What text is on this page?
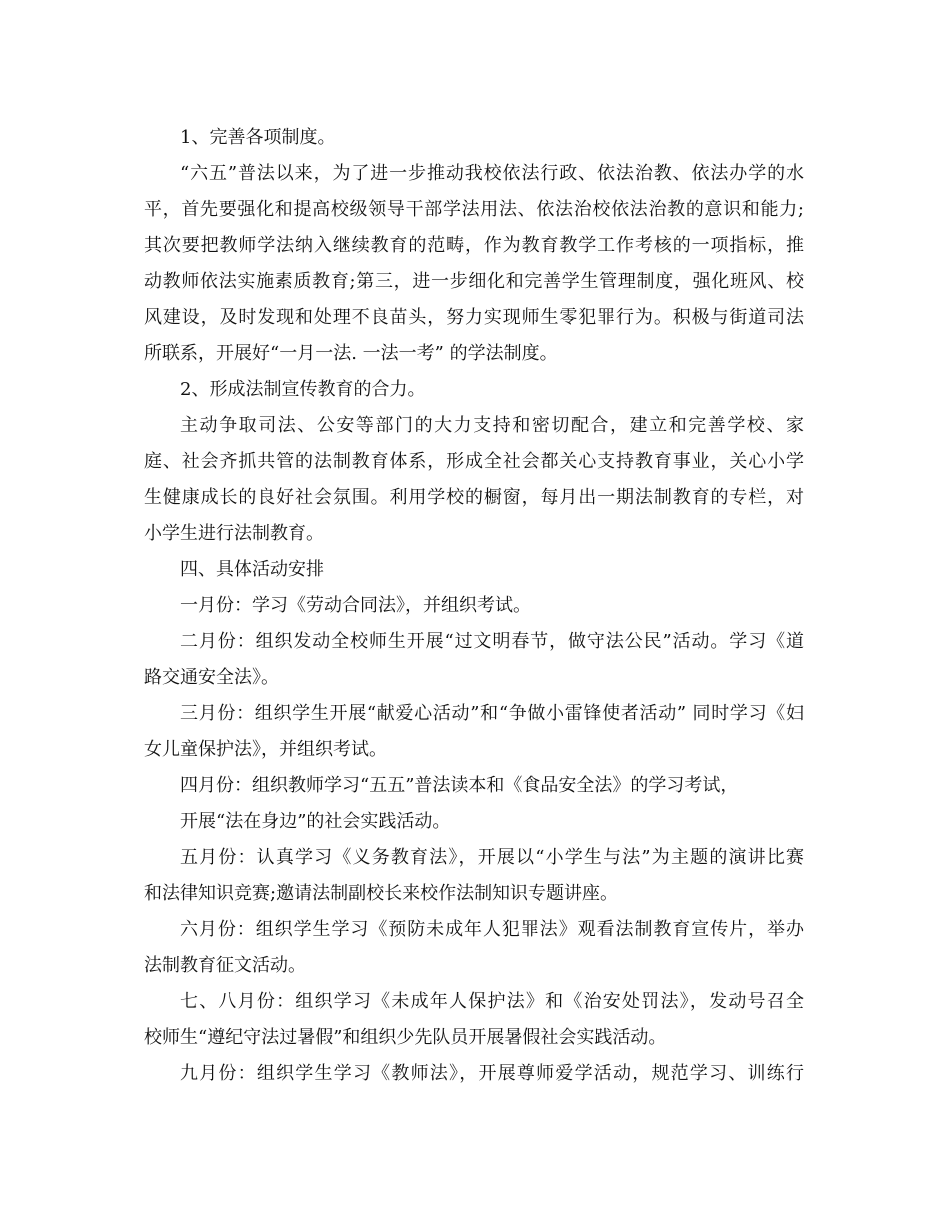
1、完善各项制度。
“六五”普法以来，为了进一步推动我校依法行政、依法治教、依法办学的水
平，首先要强化和提高校级领导干部学法用法、依法治校依法治教的意识和能力;
其次要把教师学法纳入继续教育的范畴，作为教育教学工作考核的一项指标，推
动教师依法实施素质教育;第三，进一步细化和完善学生管理制度，强化班风、校
风建设，及时发现和处理不良苗头，努力实现师生零犯罪行为。积极与街道司法
所联系，开展好“一月一法. 一法一考” 的学法制度。
2、形成法制宣传教育的合力。
主动争取司法、公安等部门的大力支持和密切配合，建立和完善学校、家
庭、社会齐抓共管的法制教育体系，形成全社会都关心支持教育事业，关心小学
生健康成长的良好社会氛围。利用学校的橱窗，每月出一期法制教育的专栏，对
小学生进行法制教育。
四、具体活动安排
一月份：学习《劳动合同法》，并组织考试。
二月份：组织发动全校师生开展“过文明春节，做守法公民”活动。学习《道
路交通安全法》。
三月份：组织学生开展“献爱心活动”和“争做小雷锋使者活动” 同时学习《妇
女儿童保护法》，并组织考试。
四月份：组织教师学习“五五”普法读本和《食品安全法》的学习考试，
开展“法在身边”的社会实践活动。
五月份：认真学习《义务教育法》，开展以“小学生与法”为主题的演讲比赛
和法律知识竞赛;邀请法制副校长来校作法制知识专题讲座。
六月份：组织学生学习《预防未成年人犯罪法》观看法制教育宣传片，举办
法制教育征文活动。
七、八月份：组织学习《未成年人保护法》和《治安处罚法》，发动号召全
校师生“遵纪守法过暑假”和组织少先队员开展暑假社会实践活动。
九月份：组织学生学习《教师法》，开展尊师爱学活动，规范学习、训练行
